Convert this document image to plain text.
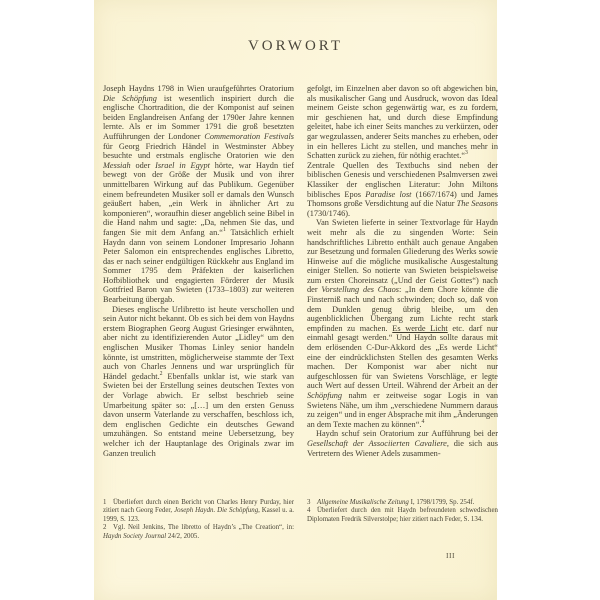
VORWORT

Joseph Haydns 1798 in Wien uraufgeführtes Oratorium Die Schöpfung ist wesentlich inspiriert durch die englische Chortradition, die der Komponist auf seinen beiden Englandreisen Anfang der 1790er Jahre kennen lernte. Als er im Sommer 1791 die groß besetzten Aufführungen der Londoner Commemoration Festivals für Georg Friedrich Händel in Westminster Abbey besuchte und erstmals englische Oratorien wie den Messiah oder Israel in Egypt hörte, war Haydn tief bewegt von der Größe der Musik und von ihrer unmittelbaren Wirkung auf das Publikum. Gegenüber einem befreundeten Musiker soll er damals den Wunsch geäußert haben, „ein Werk in ähnlicher Art zu komponieren“, woraufhin dieser angeblich seine Bibel in die Hand nahm und sagte: „Da, nehmen Sie das, und fangen Sie mit dem Anfang an.“$^1$ Tatsächlich erhielt Haydn dann von seinem Londoner Impresario Johann Peter Salomon ein entsprechendes englisches Libretto, das er nach seiner endgültigen Rückkehr aus England im Sommer 1795 dem Präfekten der kaiserlichen Hofbibliothek und engagierten Förderer der Musik Gottfried Baron van Swieten (1733–1803) zur weiteren Bearbeitung übergab.

Dieses englische Urlibretto ist heute verschollen und sein Autor nicht bekannt. Ob es sich bei dem von Haydns erstem Biographen Georg August Griesinger erwähnten, aber nicht zu identifizierenden Autor „Lidley“ um den englischen Musiker Thomas Linley senior handeln könnte, ist umstritten, möglicherweise stammte der Text auch von Charles Jennens und war ursprünglich für Händel gedacht.$^2$ Ebenfalls unklar ist, wie stark van Swieten bei der Erstellung seines deutschen Textes von der Vorlage abwich. Er selbst beschrieb seine Umarbeitung später so: „[…] um den ersten Genuss davon unserm Vaterlande zu verschaffen, beschloss ich, dem englischen Gedichte ein deutsches Gewand umzuhängen. So entstand meine Uebersetzung, bey welcher ich der Hauptanlage des Originals zwar im Ganzen treulich

gefolgt, im Einzelnen aber davon so oft abgewichen bin, als musikalischer Gang und Ausdruck, wovon das Ideal meinem Geiste schon gegenwärtig war, es zu fordern, mir geschienen hat, und durch diese Empfindung geleitet, habe ich einer Seits manches zu verkürzen, oder gar wegzulassen, anderer Seits manches zu erheben, oder in ein helleres Licht zu stellen, und manches mehr in Schatten zurück zu ziehen, für nöthig erachtet.“$^3$

Zentrale Quellen des Textbuchs sind neben der biblischen Genesis und verschiedenen Psalmversen zwei Klassiker der englischen Literatur: John Miltons biblisches Epos Paradise lost (1667/1674) und James Thomsons große Versdichtung auf die Natur The Seasons (1730/1746).

Van Swieten lieferte in seiner Textvorlage für Haydn weit mehr als die zu singenden Worte: Sein handschriftliches Libretto enthält auch genaue Angaben zur Besetzung und formalen Gliederung des Werks sowie Hinweise auf die mögliche musikalische Ausgestaltung einiger Stellen. So notierte van Swieten beispielsweise zum ersten Choreinsatz („Und der Geist Gottes“) nach der Vorstellung des Chaos: „In dem Chore könnte die Finsterniß nach und nach schwinden; doch so, daß von dem Dunklen genug übrig bleibe, um den augenblicklichen Übergang zum Lichte recht stark empfinden zu machen. Es werde Licht etc. darf nur einmahl gesagt werden.“ Und Haydn sollte daraus mit dem erlösenden C-Dur-Akkord des „Es werde Licht“ eine der eindrücklichsten Stellen des gesamten Werks machen. Der Komponist war aber nicht nur aufgeschlossen für van Swietens Vorschläge, er legte auch Wert auf dessen Urteil. Während der Arbeit an der Schöpfung nahm er zeitweise sogar Logis in van Swietens Nähe, um ihm „verschiedene Nummern daraus zu zeigen“ und in enger Absprache mit ihm „Änderungen an dem Texte machen zu können“.$^4$

Haydn schuf sein Oratorium zur Aufführung bei der Gesellschaft der Associierten Cavaliere, die sich aus Vertretern des Wiener Adels zusammen-

1 Überliefert durch einen Bericht von Charles Henry Purday, hier zitiert nach Georg Feder, Joseph Haydn. Die Schöpfung, Kassel u. a. 1999, S. 123.

2 Vgl. Neil Jenkins, The libretto of Haydn’s „The Creation“, in: Haydn Society Journal 24/2, 2005.

3 Allgemeine Musikalische Zeitung I, 1798/1799, Sp. 254f.

4 Überliefert durch den mit Haydn befreundeten schwedischen Diplomaten Fredrik Silverstolpe; hier zitiert nach Feder, S. 134.

III
